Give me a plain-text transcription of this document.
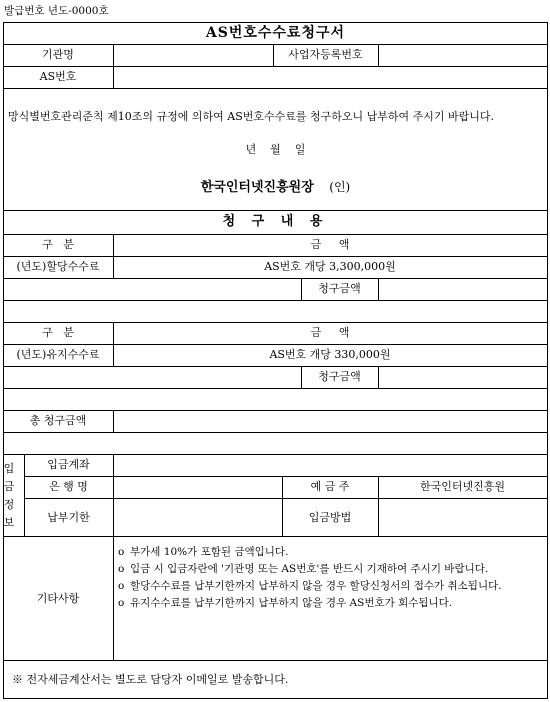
발급번호 년도-0000호
AS번호수수료청구서
기관명	사업자등록번호
AS번호
망식별번호관리준칙 제10조의 규정에 의하여 AS번호수수료를 청구하오니 납부하여 주시기 바랍니다.
년    월    일
한국인터넷진흥원장 (인)
청 구 내 용
구   분	금     액
(년도)할당수수료	AS번호 개당 3,300,000원
청구금액
구   분	금     액
(년도)유지수수료	AS번호 개당 330,000원
청구금액
총 청구금액
입
금
정
보
입금계좌
은 행 명	예 금 주	한국인터넷진흥원
납부기한	입금방법
기타사항
o 부가세 10%가 포함된 금액입니다.
o 입금 시 입금자란에 '기관명 또는 AS번호'를 반드시 기재하여 주시기 바랍니다.
o 할당수수료를 납부기한까지 납부하지 않을 경우 할당신청서의 접수가 취소됩니다.
o 유지수수료를 납부기한까지 납부하지 않을 경우 AS번호가 회수됩니다.
※ 전자세금계산서는 별도로 담당자 이메일로 발송합니다.
